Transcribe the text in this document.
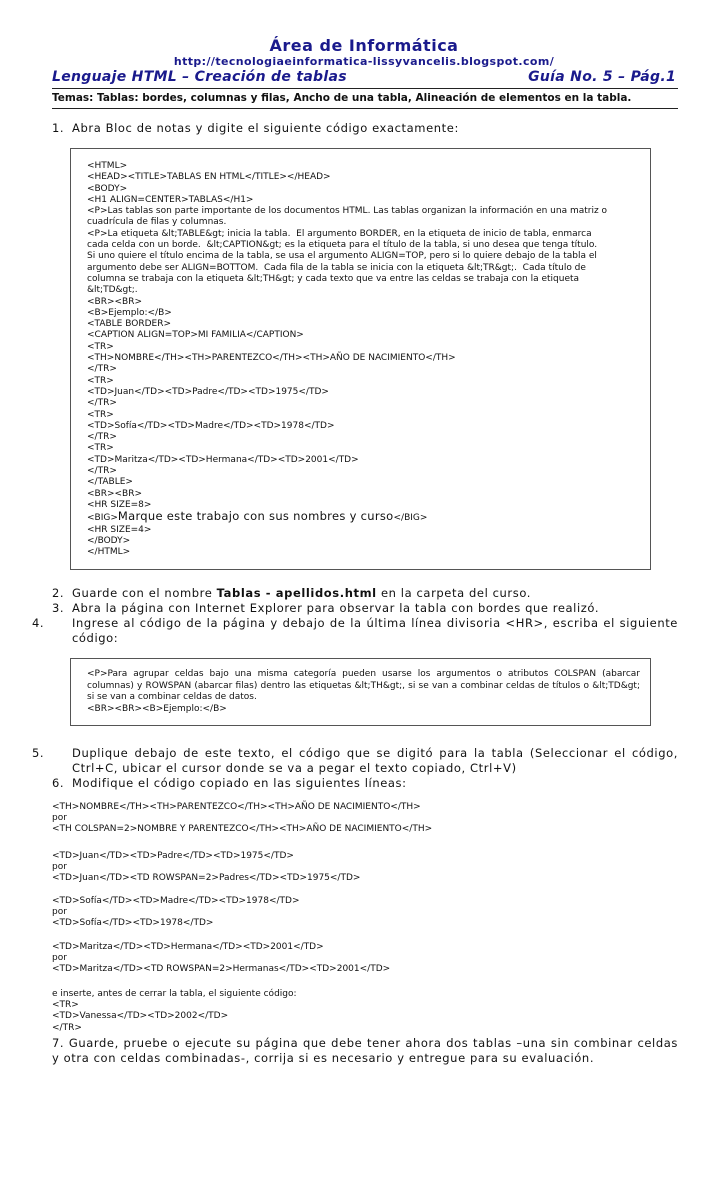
Área de Informática
http://tecnologiaeinformatica-lissyvancelis.blogspot.com/
Lenguaje HTML – Creación de tablas	Guía No. 5 – Pág.1
Temas: Tablas: bordes, columnas y filas, Ancho de una tabla, Alineación de elementos en la tabla.
1. Abra Bloc de notas y digite el siguiente código exactamente:
<HTML>
<HEAD><TITLE>TABLAS EN HTML</TITLE></HEAD>
<BODY>
<H1 ALIGN=CENTER>TABLAS</H1>
<P>Las tablas son parte importante de los documentos HTML. Las tablas organizan la información en una matriz o
cuadrícula de filas y columnas.
<P>La etiqueta &lt;TABLE&gt; inicia la tabla.  El argumento BORDER, en la etiqueta de inicio de tabla, enmarca
cada celda con un borde.  &lt;CAPTION&gt; es la etiqueta para el título de la tabla, si uno desea que tenga título.
Si uno quiere el título encima de la tabla, se usa el argumento ALIGN=TOP, pero si lo quiere debajo de la tabla el
argumento debe ser ALIGN=BOTTOM.  Cada fila de la tabla se inicia con la etiqueta &lt;TR&gt;.  Cada título de
columna se trabaja con la etiqueta &lt;TH&gt; y cada texto que va entre las celdas se trabaja con la etiqueta
&lt;TD&gt;.
<BR><BR>
<B>Ejemplo:</B>
<TABLE BORDER>
<CAPTION ALIGN=TOP>MI FAMILIA</CAPTION>
<TR>
<TH>NOMBRE</TH><TH>PARENTEZCO</TH><TH>AÑO DE NACIMIENTO</TH>
</TR>
<TR>
<TD>Juan</TD><TD>Padre</TD><TD>1975</TD>
</TR>
<TR>
<TD>Sofía</TD><TD>Madre</TD><TD>1978</TD>
</TR>
<TR>
<TD>Maritza</TD><TD>Hermana</TD><TD>2001</TD>
</TR>
</TABLE>
<BR><BR>
<HR SIZE=8>
<BIG>Marque este trabajo con sus nombres y curso</BIG>
<HR SIZE=4>
</BODY>
</HTML>
2. Guarde con el nombre Tablas - apellidos.html en la carpeta del curso.
3. Abra la página con Internet Explorer para observar la tabla con bordes que realizó.
4. Ingrese al código de la página y debajo de la última línea divisoria <HR>, escriba el siguiente código:
<P>Para agrupar celdas bajo una misma categoría pueden usarse los argumentos o atributos COLSPAN (abarcar columnas) y ROWSPAN (abarcar filas) dentro las etiquetas &lt;TH&gt;, si se van a combinar celdas de títulos o &lt;TD&gt; si se van a combinar celdas de datos.
<BR><BR><B>Ejemplo:</B>
5. Duplique debajo de este texto, el código que se digitó para la tabla (Seleccionar el código, Ctrl+C, ubicar el cursor donde se va a pegar el texto copiado, Ctrl+V)
6. Modifique el código copiado en las siguientes líneas:
<TH>NOMBRE</TH><TH>PARENTEZCO</TH><TH>AÑO DE NACIMIENTO</TH>
por
<TH COLSPAN=2>NOMBRE Y PARENTEZCO</TH><TH>AÑO DE NACIMIENTO</TH>
<TD>Juan</TD><TD>Padre</TD><TD>1975</TD>
por
<TD>Juan</TD><TD ROWSPAN=2>Padres</TD><TD>1975</TD>
<TD>Sofía</TD><TD>Madre</TD><TD>1978</TD>
por
<TD>Sofía</TD><TD>1978</TD>
<TD>Maritza</TD><TD>Hermana</TD><TD>2001</TD>
por
<TD>Maritza</TD><TD ROWSPAN=2>Hermanas</TD><TD>2001</TD>
e inserte, antes de cerrar la tabla, el siguiente código:
<TR>
<TD>Vanessa</TD><TD>2002</TD>
</TR>
7. Guarde, pruebe o ejecute su página que debe tener ahora dos tablas –una sin combinar celdas y otra con celdas combinadas-, corrija si es necesario y entregue para su evaluación.
